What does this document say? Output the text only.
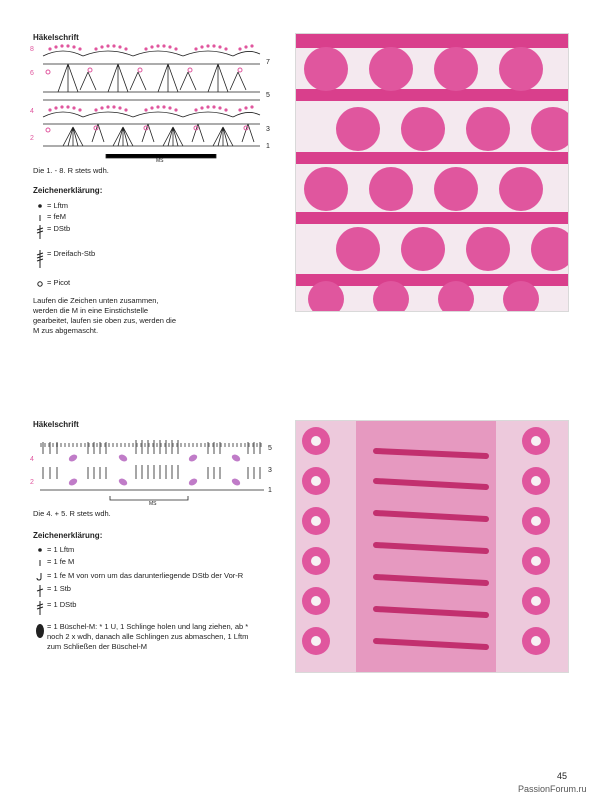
Häkelschrift
8
6
4
2
7
5
3
1
MS
Die 1. - 8. R stets wdh.
Zeichenerklärung:
= Lftm
= feM
= DStb
= Dreifach-Stb
= Picot
Laufen die Zeichen unten zusammen, werden die M in eine Einstichstelle gearbeitet, laufen sie oben zus, werden die M zus abgemascht.
Häkelschrift
4
2
5
3
1
MS
Die 4. + 5. R stets wdh.
Zeichenerklärung:
= 1 Lftm
= 1 fe M
= 1 fe M von vorn um das darunterliegende DStb der Vor-R
= 1 Stb
= 1 DStb
= 1 Büschel-M: * 1 U, 1 Schlinge holen und lang ziehen, ab * noch 2 x wdh, danach alle Schlingen zus abmaschen, 1 Lftm zum Schließen der Büschel-M
45
PassionForum.ru
